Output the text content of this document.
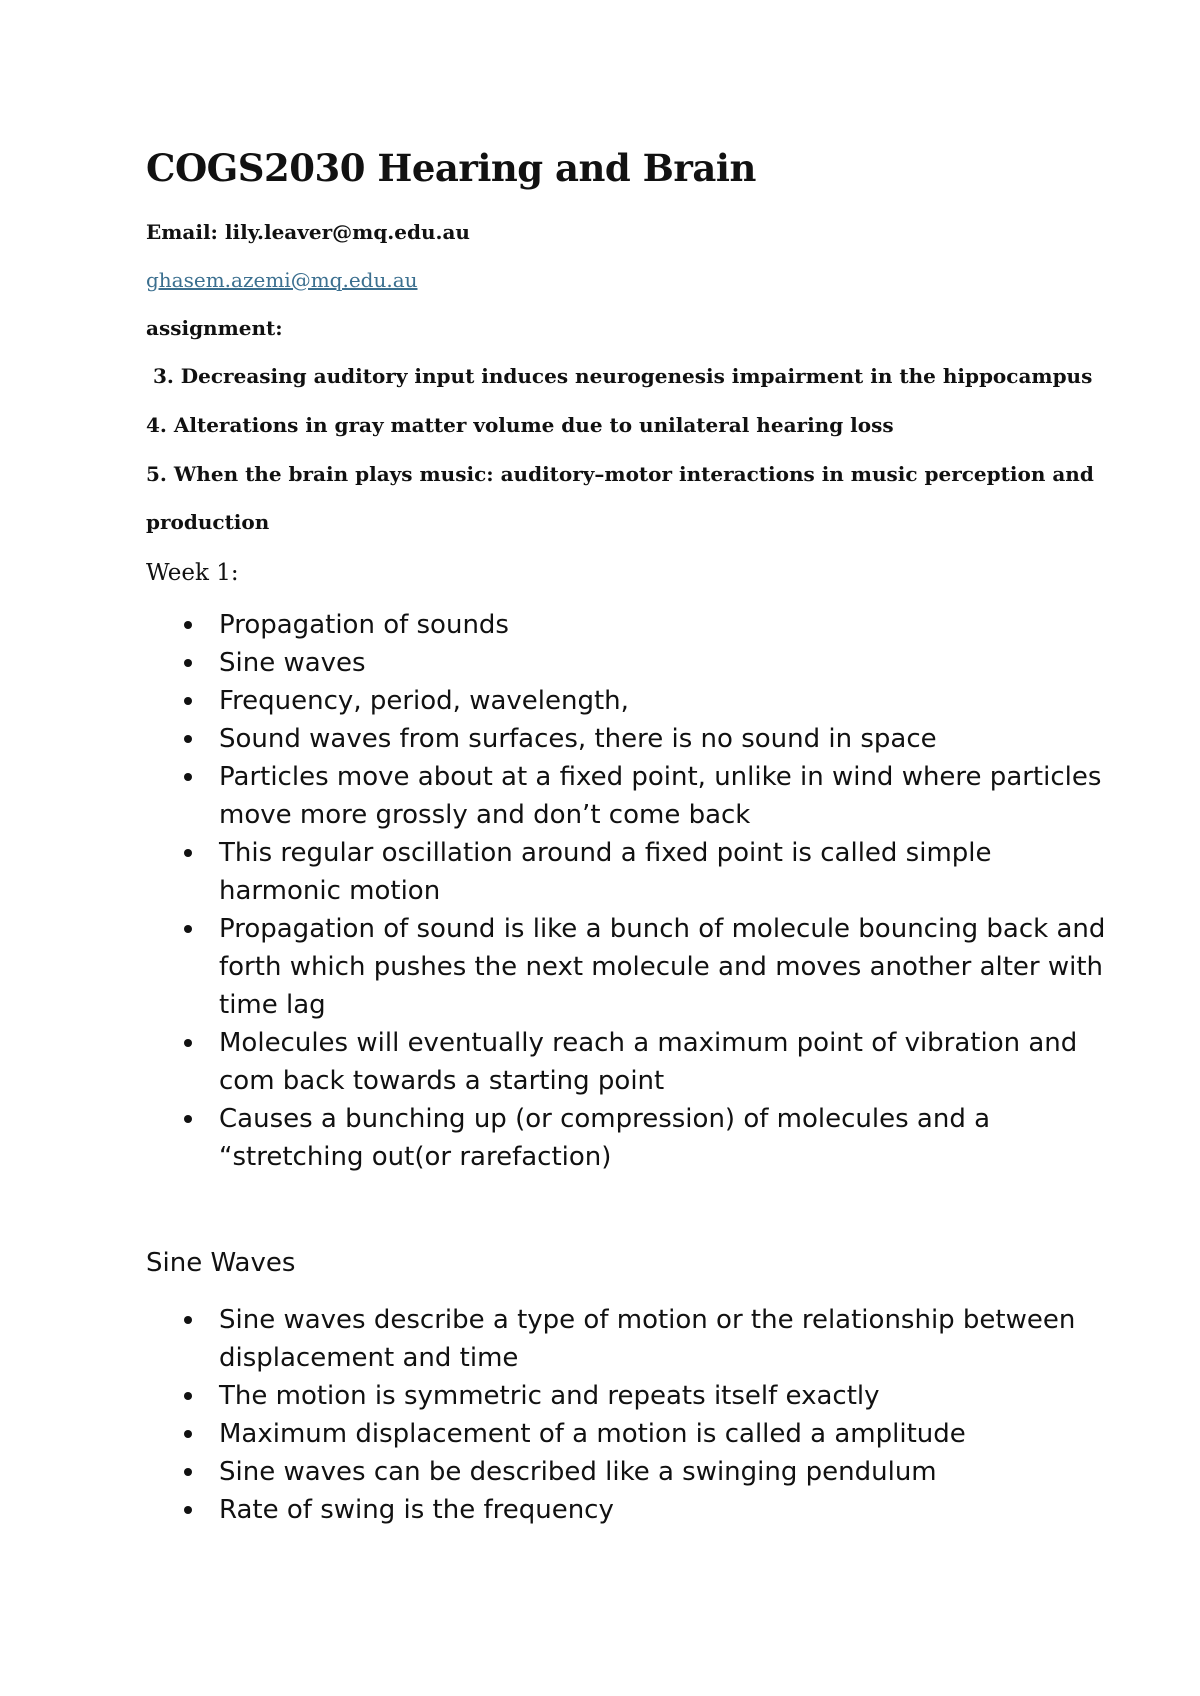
COGS2030 Hearing and Brain
Email: lily.leaver@mq.edu.au
ghasem.azemi@mq.edu.au
assignment:
3. Decreasing auditory input induces neurogenesis impairment in the hippocampus
4. Alterations in gray matter volume due to unilateral hearing loss
5. When the brain plays music: auditory–motor interactions in music perception and
production
Week 1:
Propagation of sounds
Sine waves
Frequency, period, wavelength,
Sound waves from surfaces, there is no sound in space
Particles move about at a fixed point, unlike in wind where particles move more grossly and don’t come back
This regular oscillation around a fixed point is called simple harmonic motion
Propagation of sound is like a bunch of molecule bouncing back and forth which pushes the next molecule and moves another alter with time lag
Molecules will eventually reach a maximum point of vibration and com back towards a starting point
Causes a bunching up (or compression) of molecules and a “stretching out(or rarefaction)
Sine Waves
Sine waves describe a type of motion or the relationship between displacement and time
The motion is symmetric and repeats itself exactly
Maximum displacement of a motion is called a amplitude
Sine waves can be described like a swinging pendulum
Rate of swing is the frequency
